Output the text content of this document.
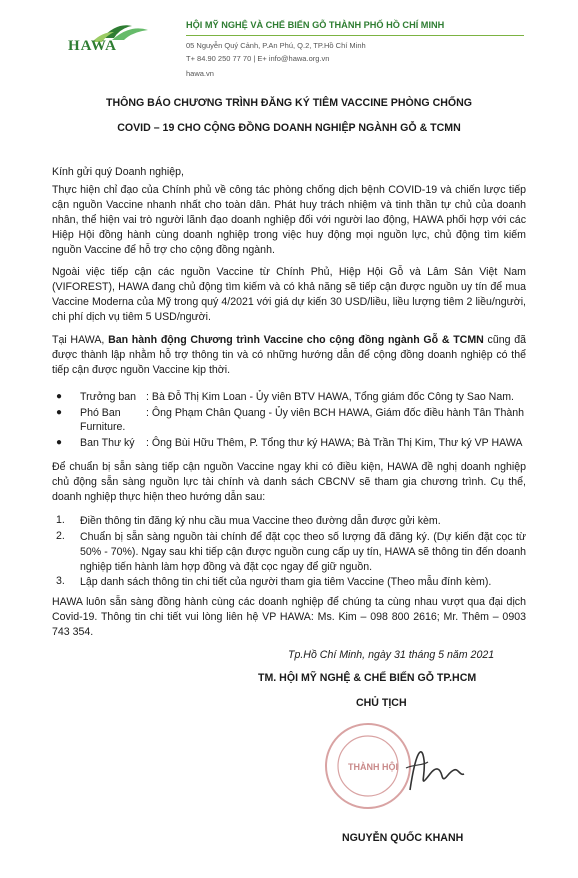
HAWA
HỘI MỸ NGHỆ VÀ CHẾ BIẾN GỖ THÀNH PHỐ HỒ CHÍ MINH
05 Nguyễn Quý Cảnh, P.An Phú, Q.2, TP.Hồ Chí Minh
T+ 84.90 250 77 70 | E+ info@hawa.org.vn
hawa.vn
THÔNG BÁO CHƯƠNG TRÌNH ĐĂNG KÝ TIÊM VACCINE PHÒNG CHỐNG
COVID – 19 CHO CỘNG ĐỒNG DOANH NGHIỆP NGÀNH GỖ & TCMN
Kính gửi quý Doanh nghiệp,
Thực hiện chỉ đạo của Chính phủ về công tác phòng chống dịch bệnh COVID-19 và chiến lược tiếp cận nguồn Vaccine nhanh nhất cho toàn dân. Phát huy trách nhiệm và tinh thần tự chủ của doanh nhân, thể hiện vai trò người lãnh đạo doanh nghiệp đối với người lao động, HAWA phối hợp với các Hiệp Hội đồng hành cùng doanh nghiệp trong việc huy động mọi nguồn lực, chủ động tìm kiếm nguồn Vaccine để hỗ trợ cho cộng đồng ngành.
Ngoài việc tiếp cận các nguồn Vaccine từ Chính Phủ, Hiệp Hội Gỗ và Lâm Sản Việt Nam (VIFOREST), HAWA đang chủ động tìm kiếm và có khả năng sẽ tiếp cận được nguồn uy tín để mua Vaccine Moderna của Mỹ trong quý 4/2021 với giá dự kiến 30 USD/liều, liều lượng tiêm 2 liều/người, chi phí dịch vụ tiêm 5 USD/người.
Tại HAWA, Ban hành động Chương trình Vaccine cho cộng đồng ngành Gỗ & TCMN cũng đã được thành lập nhằm hỗ trợ thông tin và có những hướng dẫn để cộng đồng doanh nghiệp có thể tiếp cận được nguồn Vaccine kịp thời.
● Trưởng ban : Bà Đỗ Thị Kim Loan - Ủy viên BTV HAWA, Tổng giám đốc Công ty Sao Nam.
● Phó Ban : Ông Phạm Chân Quang - Ủy viên BCH HAWA, Giám đốc điều hành Tân Thành
Furniture.
● Ban Thư ký : Ông Bùi Hữu Thêm, P. Tổng thư ký HAWA; Bà Trần Thị Kim, Thư ký VP HAWA
Để chuẩn bị sẵn sàng tiếp cận nguồn Vaccine ngay khi có điều kiện, HAWA đề nghị doanh nghiệp chủ động sẵn sàng nguồn lực tài chính và danh sách CBCNV sẽ tham gia chương trình. Cụ thể, doanh nghiệp thực hiện theo hướng dẫn sau:
1. Điền thông tin đăng ký nhu cầu mua Vaccine theo đường dẫn được gửi kèm.
2. Chuẩn bị sẵn sàng nguồn tài chính để đặt cọc theo số lượng đã đăng ký. (Dự kiến đặt cọc từ 50% - 70%). Ngay sau khi tiếp cận được nguồn cung cấp uy tín, HAWA sẽ thông tin đến doanh nghiệp tiến hành làm hợp đồng và đặt cọc ngay để giữ nguồn.
3. Lập danh sách thông tin chi tiết của người tham gia tiêm Vaccine (Theo mẫu đính kèm).
HAWA luôn sẵn sàng đồng hành cùng các doanh nghiệp để chúng ta cùng nhau vượt qua đại dịch Covid-19. Thông tin chi tiết vui lòng liên hệ VP HAWA: Ms. Kim – 098 800 2616; Mr. Thêm – 0903 743 354.
Tp.Hồ Chí Minh, ngày 31 tháng 5 năm 2021
TM. HỘI MỸ NGHỆ & CHẾ BIẾN GỖ TP.HCM
CHỦ TỊCH
THÀNH HỘI
NGUYỄN QUỐC KHANH
